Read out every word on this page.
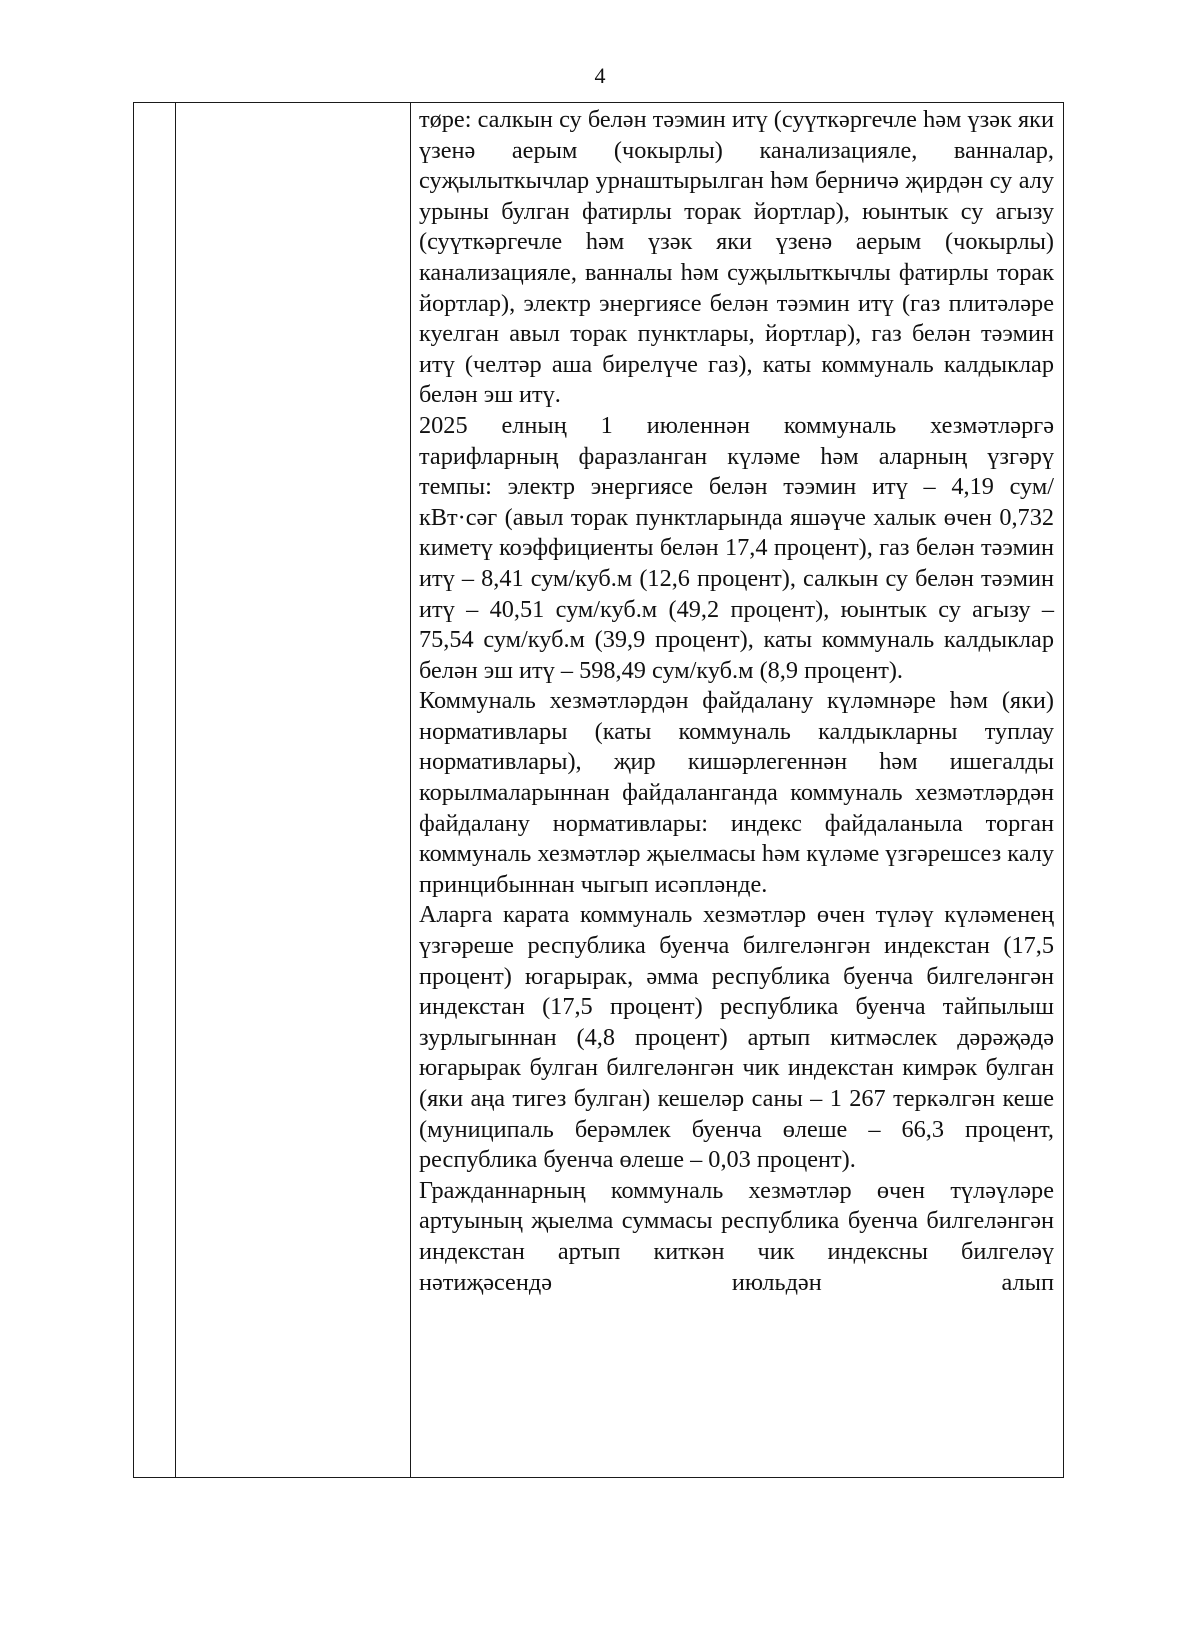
4

тøре: салкын су белəн тəэмин итү (суүткəргечле һəм үзəк яки үзенə аерым (чокырлы) канализацияле, ванналар, суҗылыткычлар урнаштырылган һəм берничə җирдəн су алу урыны булган фатирлы торак йортлар), юынтык су агызу (суүткəргечле һəм үзəк яки үзенə аерым (чокырлы) канализацияле, ванналы һəм суҗылыткычлы фатирлы торак йортлар), электр энергиясе белəн тəэмин итү (газ плитəлəре куелган авыл торак пунктлары, йортлар), газ белəн тəэмин итү (челтəр аша бирелүче газ), каты коммуналь калдыклар белəн эш итү.

2025 елның 1 июленнəн коммуналь хезмəтлəргə тарифларның фаразланган күлəме һəм аларның үзгəрү темпы: электр энергиясе белəн тəэмин итү – 4,19 сум/кВт·сəг (авыл торак пунктларында яшəүче халык өчен 0,732 киметү коэффициенты белəн 17,4 процент), газ белəн тəэмин итү – 8,41 сум/куб.м (12,6 процент), салкын су белəн тəэмин итү – 40,51 сум/куб.м (49,2 процент), юынтык су агызу – 75,54 сум/куб.м (39,9 процент), каты коммуналь калдыклар белəн эш итү – 598,49 сум/куб.м (8,9 процент).

Коммуналь хезмəтлəрдəн файдалану күлəмнəре һəм (яки) нормативлары (каты коммуналь калдыкларны туплау нормативлары), җир кишəрлегеннəн һəм ишегалды корылмаларыннан файдаланганда коммуналь хезмəтлəрдəн файдалану нормативлары: индекс файдаланыла торган коммуналь хезмəтлəр җыелмасы һəм күлəме үзгəрешсез калу принцибыннан чыгып исəплəнде.

Аларга карата коммуналь хезмəтлəр өчен түлəү күлəменең үзгəреше республика буенча билгелəнгəн индекстан (17,5 процент) югарырак, əмма республика буенча билгелəнгəн индекстан (17,5 процент) республика буенча тайпылыш зурлыгыннан (4,8 процент) артып китмəслек дəрəҗəдə югарырак булган билгелəнгəн чик индекстан кимрəк булган (яки аңа тигез булган) кешелəр саны – 1 267 теркəлгəн кеше (муниципаль берəмлек буенча өлеше – 66,3 процент, республика буенча өлеше – 0,03 процент).

Гражданнарның коммуналь хезмəтлəр өчен түлəүлəре артуының җыелма суммасы республика буенча билгелəнгəн индекстан артып киткəн чик индексны билгелəү нəтиҗəсендə июльдəн алып
